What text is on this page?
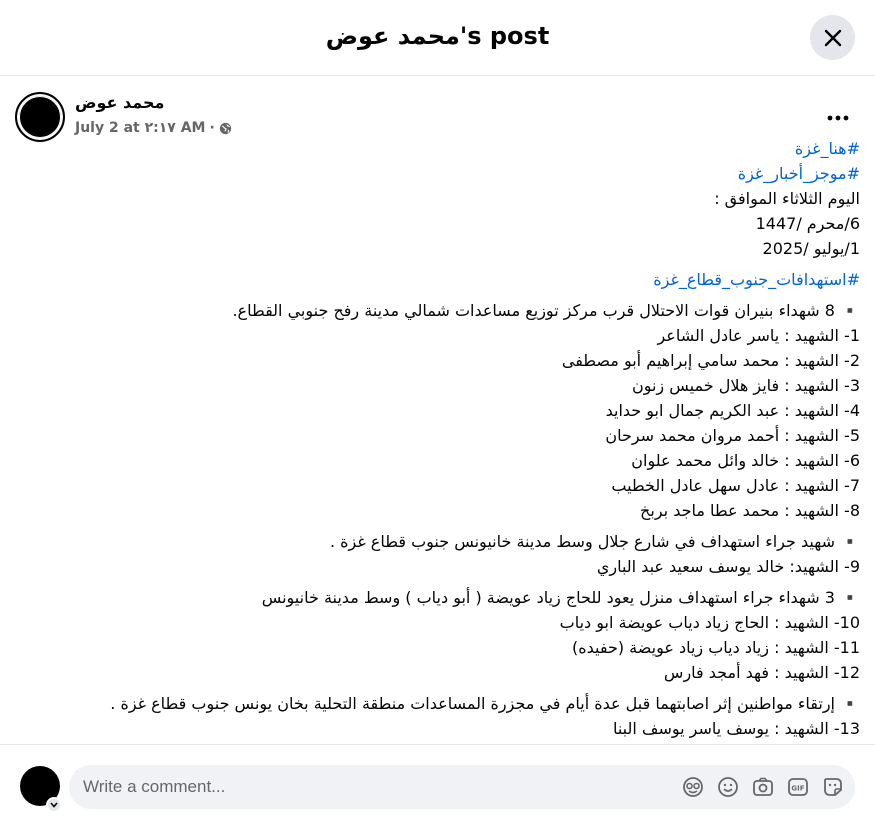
محمد عوض's post
محمد عوض
July 2 at ٢:١٧ AM ·
#هنا_غزة
#موجز_أخبار_غزة
اليوم الثلاثاء الموافق :
6/محرم /1447
1/يوليو /2025
#استهدافات_جنوب_قطاع_غزة
▪️ 8 شهداء بنيران قوات الاحتلال قرب مركز توزيع مساعدات شمالي مدينة رفح جنوبي القطاع.
1- الشهيد : ياسر عادل الشاعر
2- الشهيد : محمد سامي إبراهيم أبو مصطفى
3- الشهيد : فايز هلال خميس زنون
4- الشهيد : عبد الكريم جمال ابو حدايد
5- الشهيد : أحمد مروان محمد سرحان
6- الشهيد : خالد وائل محمد علوان
7- الشهيد : عادل سهل عادل الخطيب
8- الشهيد : محمد عطا ماجد بربخ
▪️ شهيد جراء استهداف في شارع جلال وسط مدينة خانيونس جنوب قطاع غزة .
9- الشهيد: خالد يوسف سعيد عبد الباري
▪️ 3 شهداء جراء استهداف منزل يعود للحاج زياد عويضة ( أبو دياب ) وسط مدينة خانيونس
10- الشهيد : الحاج زياد دياب عويضة ابو دياب
11- الشهيد : زياد دياب زياد عويضة (حفيده)
12- الشهيد : فهد أمجد فارس
▪️ إرتقاء مواطنين إثر اصابتهما قبل عدة أيام في مجزرة المساعدات منطقة التحلية بخان يونس جنوب قطاع غزة .
13- الشهيد : يوسف ياسر يوسف البنا
Write a comment...	GIF
